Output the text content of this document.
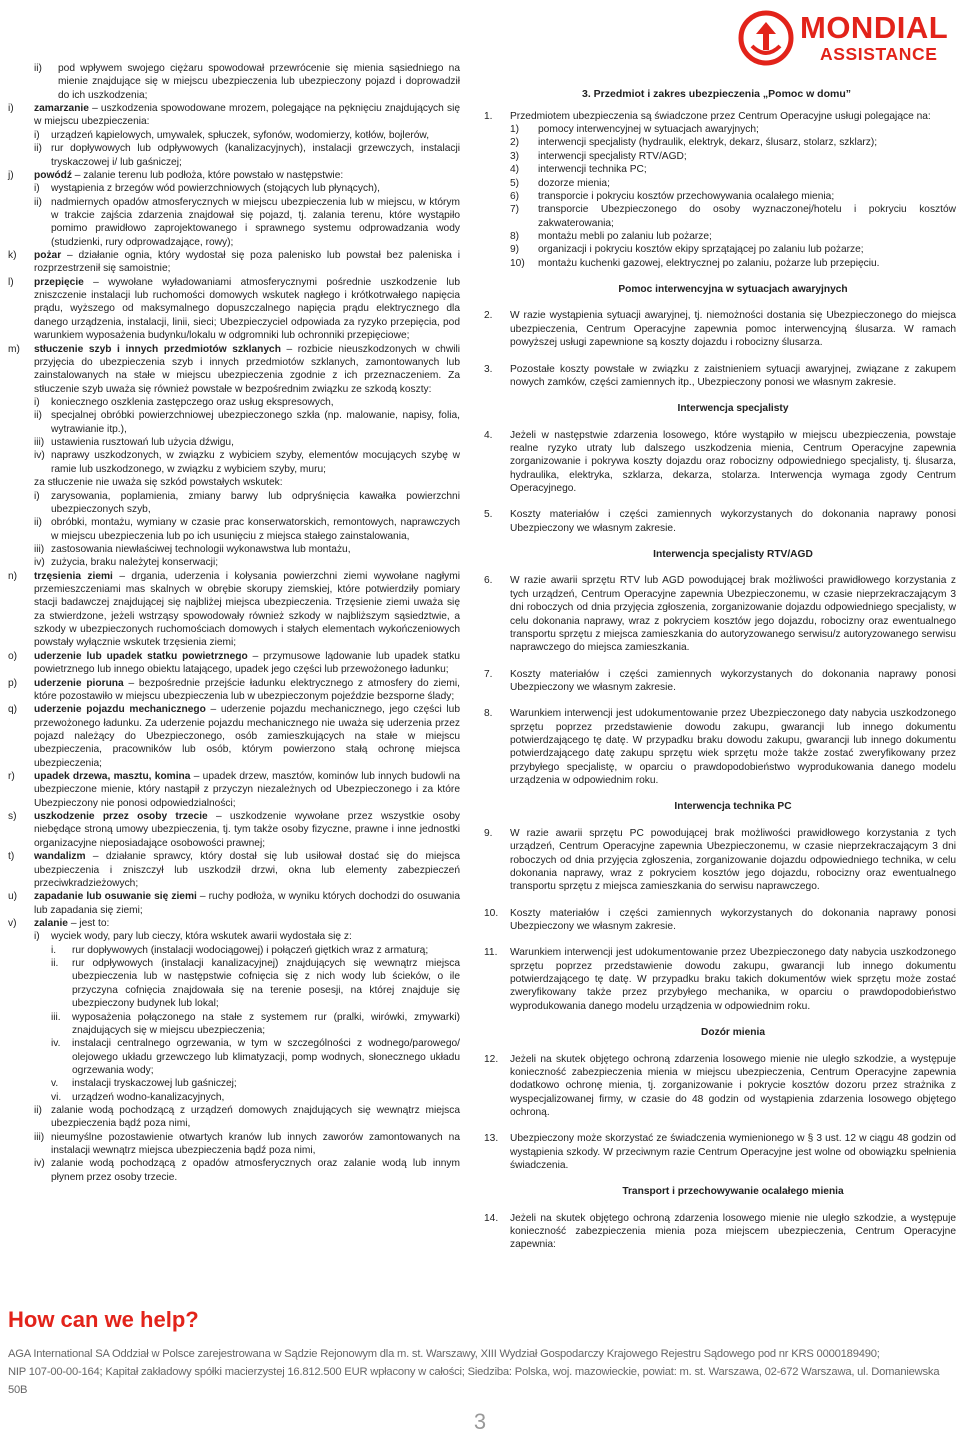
MONDIAL
ASSISTANCE
ii)	pod wpływem swojego ciężaru spowodował przewrócenie się mienia sąsiedniego na mienie znajdujące się w miejscu ubezpieczenia lub ubezpieczony pojazd i doprowadził do ich uszkodzenia;
i)	zamarzanie – uszkodzenia spowodowane mrozem, polegające na pęknięciu znajdujących się w miejscu ubezpieczenia:
i)	urządzeń kąpielowych, umywalek, spłuczek, syfonów, wodomierzy, kotłów, bojlerów,
ii) rur dopływowych lub odpływowych (kanalizacyjnych), instalacji grzewczych, instalacji tryskaczowej i/ lub gaśniczej;
j)	powódź – zalanie terenu lub podłoża, które powstało w następstwie:
i)	wystąpienia z brzegów wód powierzchniowych (stojących lub płynących),
ii) nadmiernych opadów atmosferycznych w miejscu ubezpieczenia lub w miejscu, w którym w trakcie zajścia zdarzenia znajdował się pojazd, tj. zalania terenu, które wystąpiło pomimo prawidłowo zaprojektowanego i sprawnego systemu odprowadzania wody (studzienki, rury odprowadzające, rowy);
k)	pożar – działanie ognia, który wydostał się poza palenisko lub powstał bez paleniska i rozprzestrzenił się samoistnie;
l)	przepięcie – wywołane wyładowaniami atmosferycznymi pośrednie uszkodzenie lub zniszczenie instalacji lub ruchomości domowych wskutek nagłego i krótkotrwałego napięcia prądu, wyższego od maksymalnego dopuszczalnego napięcia prądu elektrycznego dla danego urządzenia, instalacji, linii, sieci; Ubezpieczyciel odpowiada za ryzyko przepięcia, pod warunkiem wyposażenia budynku/lokalu w odgromniki lub ochronniki przepięciowe;
m)	stłuczenie szyb i innych przedmiotów szklanych – rozbicie nieuszkodzonych w chwili przyjęcia do ubezpieczenia szyb i innych przedmiotów szklanych, zamontowanych lub zainstalowanych na stałe w miejscu ubezpieczenia zgodnie z ich przeznaczeniem. Za stłuczenie szyb uważa się również powstałe w bezpośrednim związku ze szkodą koszty:
i)	koniecznego oszklenia zastępczego oraz usług ekspresowych,
ii) specjalnej obróbki powierzchniowej ubezpieczonego szkła (np. malowanie, napisy, folia, wytrawianie itp.),
iii) ustawienia rusztowań lub użycia dźwigu,
iv) naprawy uszkodzonych, w związku z wybiciem szyby, elementów mocujących szybę w ramie lub uszkodzonego, w związku z wybiciem szyby, muru;
za stłuczenie nie uważa się szkód powstałych wskutek:
i)	zarysowania, poplamienia, zmiany barwy lub odpryśnięcia kawałka powierzchni ubezpieczonych szyb,
ii) obróbki, montażu, wymiany w czasie prac konserwatorskich, remontowych, naprawczych w miejscu ubezpieczenia lub po ich usunięciu z miejsca stałego zainstalowania,
iii) zastosowania niewłaściwej technologii wykonawstwa lub montażu,
iv) zużycia, braku należytej konserwacji;
n)	trzęsienia ziemi – drgania, uderzenia i kołysania powierzchni ziemi wywołane nagłymi przemieszczeniami mas skalnych w obrębie skorupy ziemskiej, które potwierdziły pomiary stacji badawczej znajdującej się najbliżej miejsca ubezpieczenia. Trzęsienie ziemi uważa się za stwierdzone, jeżeli wstrząsy spowodowały również szkody w najbliższym sąsiedztwie, a szkody w ubezpieczonych ruchomościach domowych i stałych elementach wykończeniowych powstały wyłącznie wskutek trzęsienia ziemi;
o)	uderzenie lub upadek statku powietrznego – przymusowe lądowanie lub upadek statku powietrznego lub innego obiektu latającego, upadek jego części lub przewożonego ładunku;
p)	uderzenie pioruna – bezpośrednie przejście ładunku elektrycznego z atmosfery do ziemi, które pozostawiło w miejscu ubezpieczenia lub w ubezpieczonym pojeździe bezsporne ślady;
q)	uderzenie pojazdu mechanicznego – uderzenie pojazdu mechanicznego, jego części lub przewożonego ładunku. Za uderzenie pojazdu mechanicznego nie uważa się uderzenia przez pojazd należący do Ubezpieczonego, osób zamieszkujących na stałe w miejscu ubezpieczenia, pracowników lub osób, którym powierzono stałą ochronę miejsca ubezpieczenia;
r)	upadek drzewa, masztu, komina – upadek drzew, masztów, kominów lub innych budowli na ubezpieczone mienie, który nastąpił z przyczyn niezależnych od Ubezpieczonego i za które Ubezpieczony nie ponosi odpowiedzialności;
s)	uszkodzenie przez osoby trzecie – uszkodzenie wywołane przez wszystkie osoby niebędące stroną umowy ubezpieczenia, tj. tym także osoby fizyczne, prawne i inne jednostki organizacyjne nieposiadające osobowości prawnej;
t)	wandalizm – działanie sprawcy, który dostał się lub usiłował dostać się do miejsca ubezpieczenia i zniszczył lub uszkodził drzwi, okna lub elementy zabezpieczeń przeciwkradzieżowych;
u)	zapadanie lub osuwanie się ziemi – ruchy podłoża, w wyniku których dochodzi do osuwania lub zapadania się ziemi;
v)	zalanie – jest to:
i)	wyciek wody, pary lub cieczy, która wskutek awarii wydostała się z:
i.	rur dopływowych (instalacji wodociągowej) i połączeń giętkich wraz z armaturą;
ii.	rur odpływowych (instalacji kanalizacyjnej) znajdujących się wewnątrz miejsca ubezpieczenia lub w następstwie cofnięcia się z nich wody lub ścieków, o ile przyczyna cofnięcia znajdowała się na terenie posesji, na której znajduje się ubezpieczony budynek lub lokal;
iii.	wyposażenia połączonego na stałe z systemem rur (pralki, wirówki, zmywarki) znajdujących się w miejscu ubezpieczenia;
iv.	instalacji centralnego ogrzewania, w tym w szczególności z wodnego/parowego/ olejowego układu grzewczego lub klimatyzacji, pomp wodnych, słonecznego układu ogrzewania wody;
v.	instalacji tryskaczowej lub gaśniczej;
vi.	urządzeń wodno-kanalizacyjnych,
ii) zalanie wodą pochodzącą z urządzeń domowych znajdujących się wewnątrz miejsca ubezpieczenia bądź poza nimi,
iii) nieumyślne pozostawienie otwartych kranów lub innych zaworów zamontowanych na instalacji wewnątrz miejsca ubezpieczenia bądź poza nimi,
iv) zalanie wodą pochodzącą z opadów atmosferycznych oraz zalanie wodą lub innym płynem przez osoby trzecie.
3. Przedmiot i zakres ubezpieczenia „Pomoc w domu”
1.	Przedmiotem ubezpieczenia są świadczone przez Centrum Operacyjne usługi polegające na:
1)	pomocy interwencyjnej w sytuacjach awaryjnych;
2)	interwencji specjalisty (hydraulik, elektryk, dekarz, ślusarz, stolarz, szklarz);
3)	interwencji specjalisty RTV/AGD;
4)	interwencji technika PC;
5)	dozorze mienia;
6)	transporcie i pokryciu kosztów przechowywania ocalałego mienia;
7)	transporcie Ubezpieczonego do osoby wyznaczonej/hotelu i pokryciu kosztów zakwaterowania;
8)	montażu mebli po zalaniu lub pożarze;
9)	organizacji i pokryciu kosztów ekipy sprzątającej po zalaniu lub pożarze;
10)	montażu kuchenki gazowej, elektrycznej po zalaniu, pożarze lub przepięciu.
Pomoc interwencyjna w sytuacjach awaryjnych
2.	W razie wystąpienia sytuacji awaryjnej, tj. niemożności dostania się Ubezpieczonego do miejsca ubezpieczenia, Centrum Operacyjne zapewnia pomoc interwencyjną ślusarza. W ramach powyższej usługi zapewnione są koszty dojazdu i robocizny ślusarza.
3.	Pozostałe koszty powstałe w związku z zaistnieniem sytuacji awaryjnej, związane z zakupem nowych zamków, części zamiennych itp., Ubezpieczony ponosi we własnym zakresie.
Interwencja specjalisty
4.	Jeżeli w następstwie zdarzenia losowego, które wystąpiło w miejscu ubezpieczenia, powstaje realne ryzyko utraty lub dalszego uszkodzenia mienia, Centrum Operacyjne zapewnia zorganizowanie i pokrywa koszty dojazdu oraz robocizny odpowiedniego specjalisty, tj. ślusarza, hydraulika, elektryka, szklarza, dekarza, stolarza. Interwencja wymaga zgody Centrum Operacyjnego.
5.	Koszty materiałów i części zamiennych wykorzystanych do dokonania naprawy ponosi Ubezpieczony we własnym zakresie.
Interwencja specjalisty RTV/AGD
6.	W razie awarii sprzętu RTV lub AGD powodującej brak możliwości prawidłowego korzystania z tych urządzeń, Centrum Operacyjne zapewnia Ubezpieczonemu, w czasie nieprzekraczającym 3 dni roboczych od dnia przyjęcia zgłoszenia, zorganizowanie dojazdu odpowiedniego specjalisty, w celu dokonania naprawy, wraz z pokryciem kosztów jego dojazdu, robocizny oraz ewentualnego transportu sprzętu z miejsca zamieszkania do autoryzowanego serwisu/z autoryzowanego serwisu naprawczego do miejsca zamieszkania.
7.	Koszty materiałów i części zamiennych wykorzystanych do dokonania naprawy ponosi Ubezpieczony we własnym zakresie.
8.	Warunkiem interwencji jest udokumentowanie przez Ubezpieczonego daty nabycia uszkodzonego sprzętu poprzez przedstawienie dowodu zakupu, gwarancji lub innego dokumentu potwierdzającego tę datę. W przypadku braku dowodu zakupu, gwarancji lub innego dokumentu potwierdzającego datę zakupu sprzętu wiek sprzętu może także zostać zweryfikowany przez przybyłego specjalistę, w oparciu o prawdopodobieństwo wyprodukowania danego modelu urządzenia w odpowiednim roku.
Interwencja technika PC
9.	W razie awarii sprzętu PC powodującej brak możliwości prawidłowego korzystania z tych urządzeń, Centrum Operacyjne zapewnia Ubezpieczonemu, w czasie nieprzekraczającym 3 dni roboczych od dnia przyjęcia zgłoszenia, zorganizowanie dojazdu odpowiedniego technika, w celu dokonania naprawy, wraz z pokryciem kosztów jego dojazdu, robocizny oraz ewentualnego transportu sprzętu z miejsca zamieszkania do serwisu naprawczego.
10.	Koszty materiałów i części zamiennych wykorzystanych do dokonania naprawy ponosi Ubezpieczony we własnym zakresie.
11.	Warunkiem interwencji jest udokumentowanie przez Ubezpieczonego daty nabycia uszkodzonego sprzętu poprzez przedstawienie dowodu zakupu, gwarancji lub innego dokumentu potwierdzającego tę datę. W przypadku braku takich dokumentów wiek sprzętu może zostać zweryfikowany także przez przybyłego mechanika, w oparciu o prawdopodobieństwo wyprodukowania danego modelu urządzenia w odpowiednim roku.
Dozór mienia
12.	Jeżeli na skutek objętego ochroną zdarzenia losowego mienie nie uległo szkodzie, a występuje konieczność zabezpieczenia mienia w miejscu ubezpieczenia, Centrum Operacyjne zapewnia dodatkowo ochronę mienia, tj. zorganizowanie i pokrycie kosztów dozoru przez strażnika z wyspecjalizowanej firmy, w czasie do 48 godzin od wystąpienia zdarzenia losowego objętego ochroną.
13.	Ubezpieczony może skorzystać ze świadczenia wymienionego w § 3 ust. 12 w ciągu 48 godzin od wystąpienia szkody. W przeciwnym razie Centrum Operacyjne jest wolne od obowiązku spełnienia świadczenia.
Transport i przechowywanie ocalałego mienia
14.	Jeżeli na skutek objętego ochroną zdarzenia losowego mienie nie uległo szkodzie, a występuje konieczność zabezpieczenia mienia poza miejscem ubezpieczenia, Centrum Operacyjne zapewnia:
How can we help?
AGA International SA Oddział w Polsce zarejestrowana w Sądzie Rejonowym dla m. st. Warszawy, XIII Wydział Gospodarczy Krajowego Rejestru Sądowego pod nr KRS 0000189490;
NIP 107-00-00-164; Kapitał zakładowy spółki macierzystej 16.812.500 EUR wpłacony w całości; Siedziba: Polska, woj. mazowieckie, powiat: m. st. Warszawa, 02-672 Warszawa, ul. Domaniewska 50B
3
